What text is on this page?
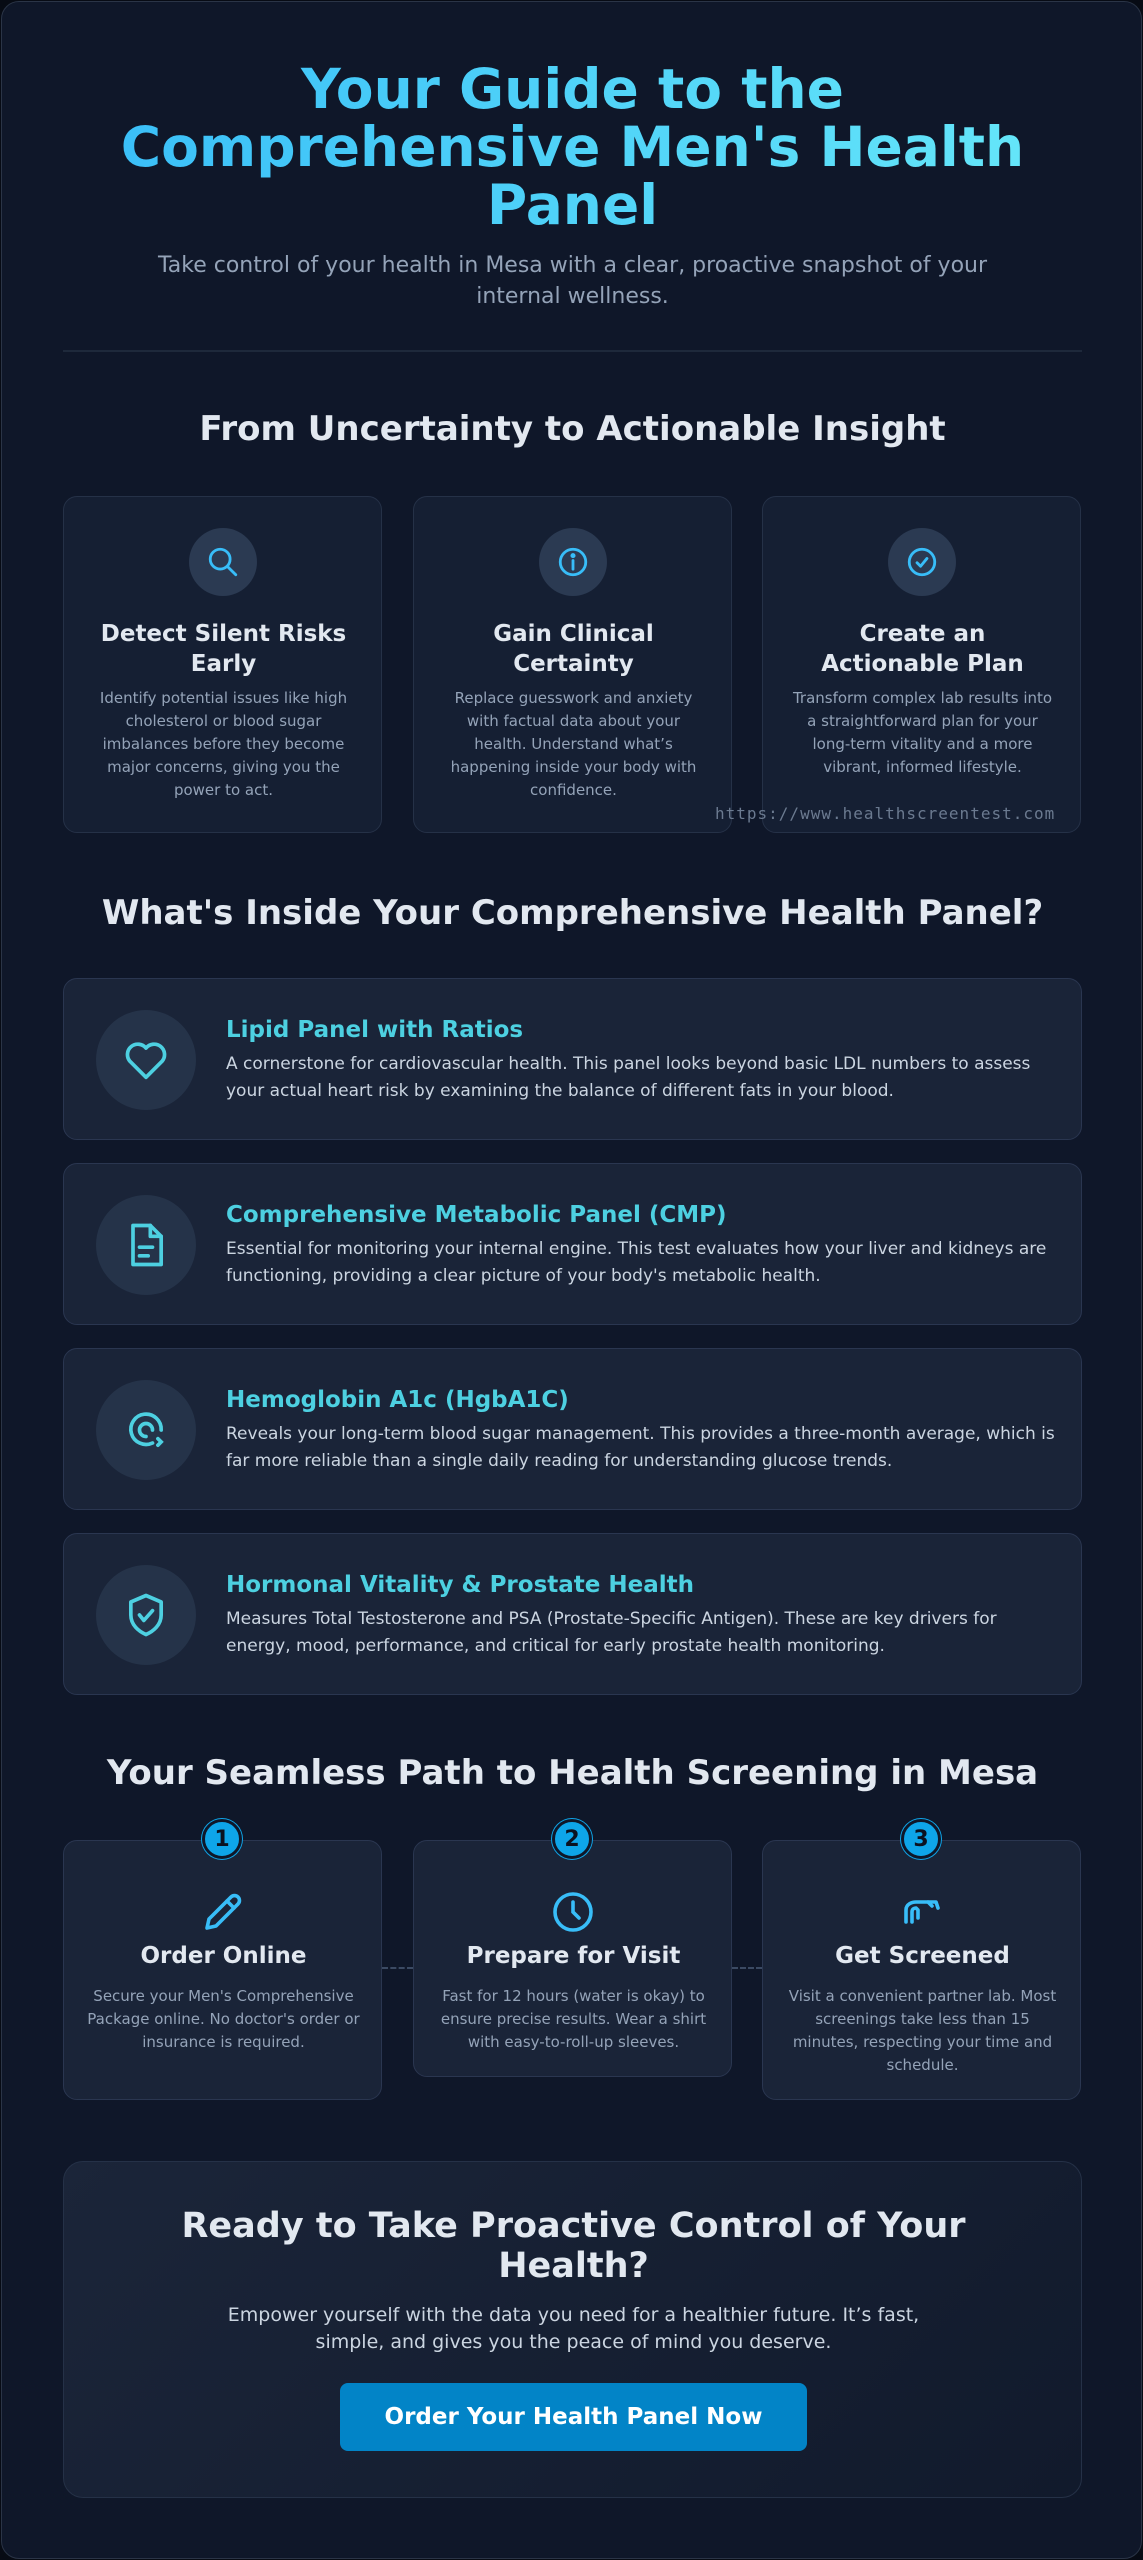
Your Guide to the Comprehensive Men's Health Panel

Take control of your health in Mesa with a clear, proactive snapshot of your internal wellness.

From Uncertainty to Actionable Insight
Detect Silent Risks Early
Identify potential issues like high cholesterol or blood sugar imbalances before they become major concerns, giving you the power to act.
Gain Clinical Certainty
Replace guesswork and anxiety with factual data about your health. Understand what’s happening inside your body with confidence.
Create an Actionable Plan
Transform complex lab results into a straightforward plan for your long-term vitality and a more vibrant, informed lifestyle.
https://www.healthscreentest.com
What's Inside Your Comprehensive Health Panel?
Lipid Panel with Ratios
A cornerstone for cardiovascular health. This panel looks beyond basic LDL numbers to assess your actual heart risk by examining the balance of different fats in your blood.
Comprehensive Metabolic Panel (CMP)
Essential for monitoring your internal engine. This test evaluates how your liver and kidneys are functioning, providing a clear picture of your body's metabolic health.
Hemoglobin A1c (HgbA1C)
Reveals your long-term blood sugar management. This provides a three-month average, which is far more reliable than a single daily reading for understanding glucose trends.
Hormonal Vitality & Prostate Health
Measures Total Testosterone and PSA (Prostate-Specific Antigen). These are key drivers for energy, mood, performance, and critical for early prostate health monitoring.
Your Seamless Path to Health Screening in Mesa
Order Online
Secure your Men's Comprehensive Package online. No doctor's order or insurance is required.
1
Prepare for Visit
Fast for 12 hours (water is okay) to ensure precise results. Wear a shirt with easy-to-roll-up sleeves.
2
Get Screened
Visit a convenient partner lab. Most screenings take less than 15 minutes, respecting your time and schedule.
3
Ready to Take Proactive Control of Your Health?

Empower yourself with the data you need for a healthier future. It’s fast, simple, and gives you the peace of mind you deserve.

Order Your Health Panel Now
